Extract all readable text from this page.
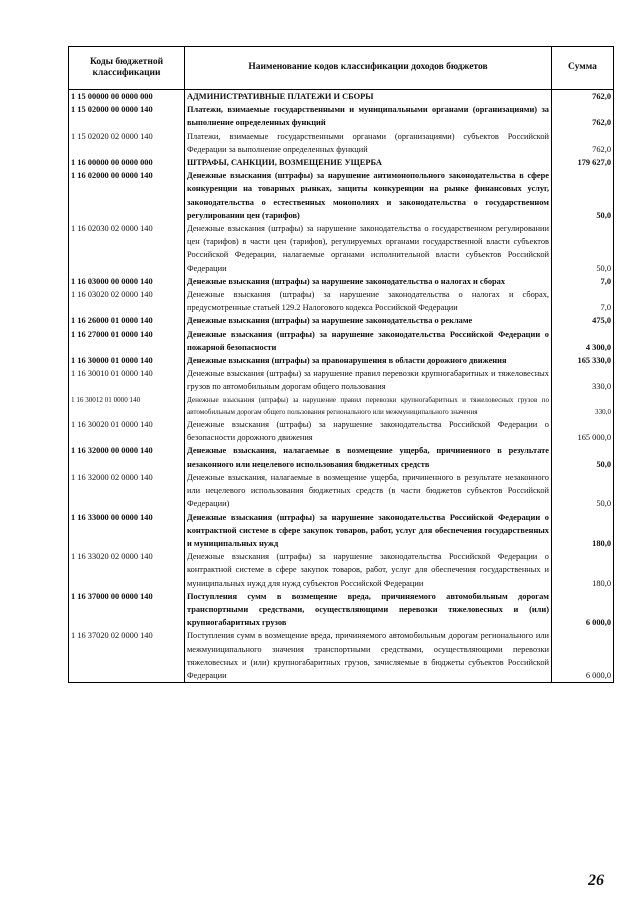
Коды бюджетной классификации	Наименование кодов классификации доходов бюджетов	Сумма
1 15 00000 00 0000 000	АДМИНИСТРАТИВНЫЕ ПЛАТЕЖИ И СБОРЫ	762,0
1 15 02000 00 0000 140	Платежи, взимаемые государственными и муниципальными органами (организациями) за выполнение определенных функций	762,0
1 15 02020 02 0000 140	Платежи, взимаемые государственными органами (организациями) субъектов Российской Федерации за выполнение определенных функций	762,0
1 16 00000 00 0000 000	ШТРАФЫ, САНКЦИИ, ВОЗМЕЩЕНИЕ УЩЕРБА	179 627,0
1 16 02000 00 0000 140	Денежные взыскания (штрафы) за нарушение антимонопольного законодательства в сфере конкуренции на товарных рынках, защиты конкуренции на рынке финансовых услуг, законодательства о естественных монополиях и законодательства о государственном регулировании цен (тарифов)	50,0
1 16 02030 02 0000 140	Денежные взыскания (штрафы) за нарушение законодательства о государственном регулировании цен (тарифов) в части цен (тарифов), регулируемых органами государственной власти субъектов Российской Федерации, налагаемые органами исполнительной власти субъектов Российской Федерации	50,0
1 16 03000 00 0000 140	Денежные взыскания (штрафы) за нарушение законодательства о налогах и сборах	7,0
1 16 03020 02 0000 140	Денежные взыскания (штрафы) за нарушение законодательства о налогах и сборах, предусмотренные статьей 129.2 Налогового кодекса Российской Федерации	7,0
1 16 26000 01 0000 140	Денежные взыскания (штрафы) за нарушение законодательства о рекламе	475,0
1 16 27000 01 0000 140	Денежные взыскания (штрафы) за нарушение законодательства Российской Федерации о пожарной безопасности	4 300,0
1 16 30000 01 0000 140	Денежные взыскания (штрафы) за правонарушения в области дорожного движения	165 330,0
1 16 30010 01 0000 140	Денежные взыскания (штрафы) за нарушение правил перевозки крупногабаритных и тяжеловесных грузов по автомобильным дорогам общего пользования	330,0
1 16 30012 01 0000 140	Денежные взыскания (штрафы) за нарушение правил перевозки крупногабаритных и тяжеловесных грузов по автомобильным дорогам общего пользования регионального или межмуниципального значения	330,0
1 16 30020 01 0000 140	Денежные взыскания (штрафы) за нарушение законодательства Российской Федерации о безопасности дорожного движения	165 000,0
1 16 32000 00 0000 140	Денежные взыскания, налагаемые в возмещение ущерба, причиненного в результате незаконного или нецелевого использования бюджетных средств	50,0
1 16 32000 02 0000 140	Денежные взыскания, налагаемые в возмещение ущерба, причиненного в результате незаконного или нецелевого использования бюджетных средств (в части бюджетов субъектов Российской Федерации)	50,0
1 16 33000 00 0000 140	Денежные взыскания (штрафы) за нарушение законодательства Российской Федерации о контрактной системе в сфере закупок товаров, работ, услуг для обеспечения государственных и муниципальных нужд	180,0
1 16 33020 02 0000 140	Денежные взыскания (штрафы) за нарушение законодательства Российской Федерации о контрактной системе в сфере закупок товаров, работ, услуг для обеспечения государственных и муниципальных нужд для нужд субъектов Российской Федерации	180,0
1 16 37000 00 0000 140	Поступления сумм в возмещение вреда, причиняемого автомобильным дорогам транспортными средствами, осуществляющими перевозки тяжеловесных и (или) крупногабаритных грузов	6 000,0
1 16 37020 02 0000 140	Поступления сумм в возмещение вреда, причиняемого автомобильным дорогам регионального или межмуниципального значения транспортными средствами, осуществляющими перевозки тяжеловесных и (или) крупногабаритных грузов, зачисляемые в бюджеты субъектов Российской Федерации	6 000,0
26
